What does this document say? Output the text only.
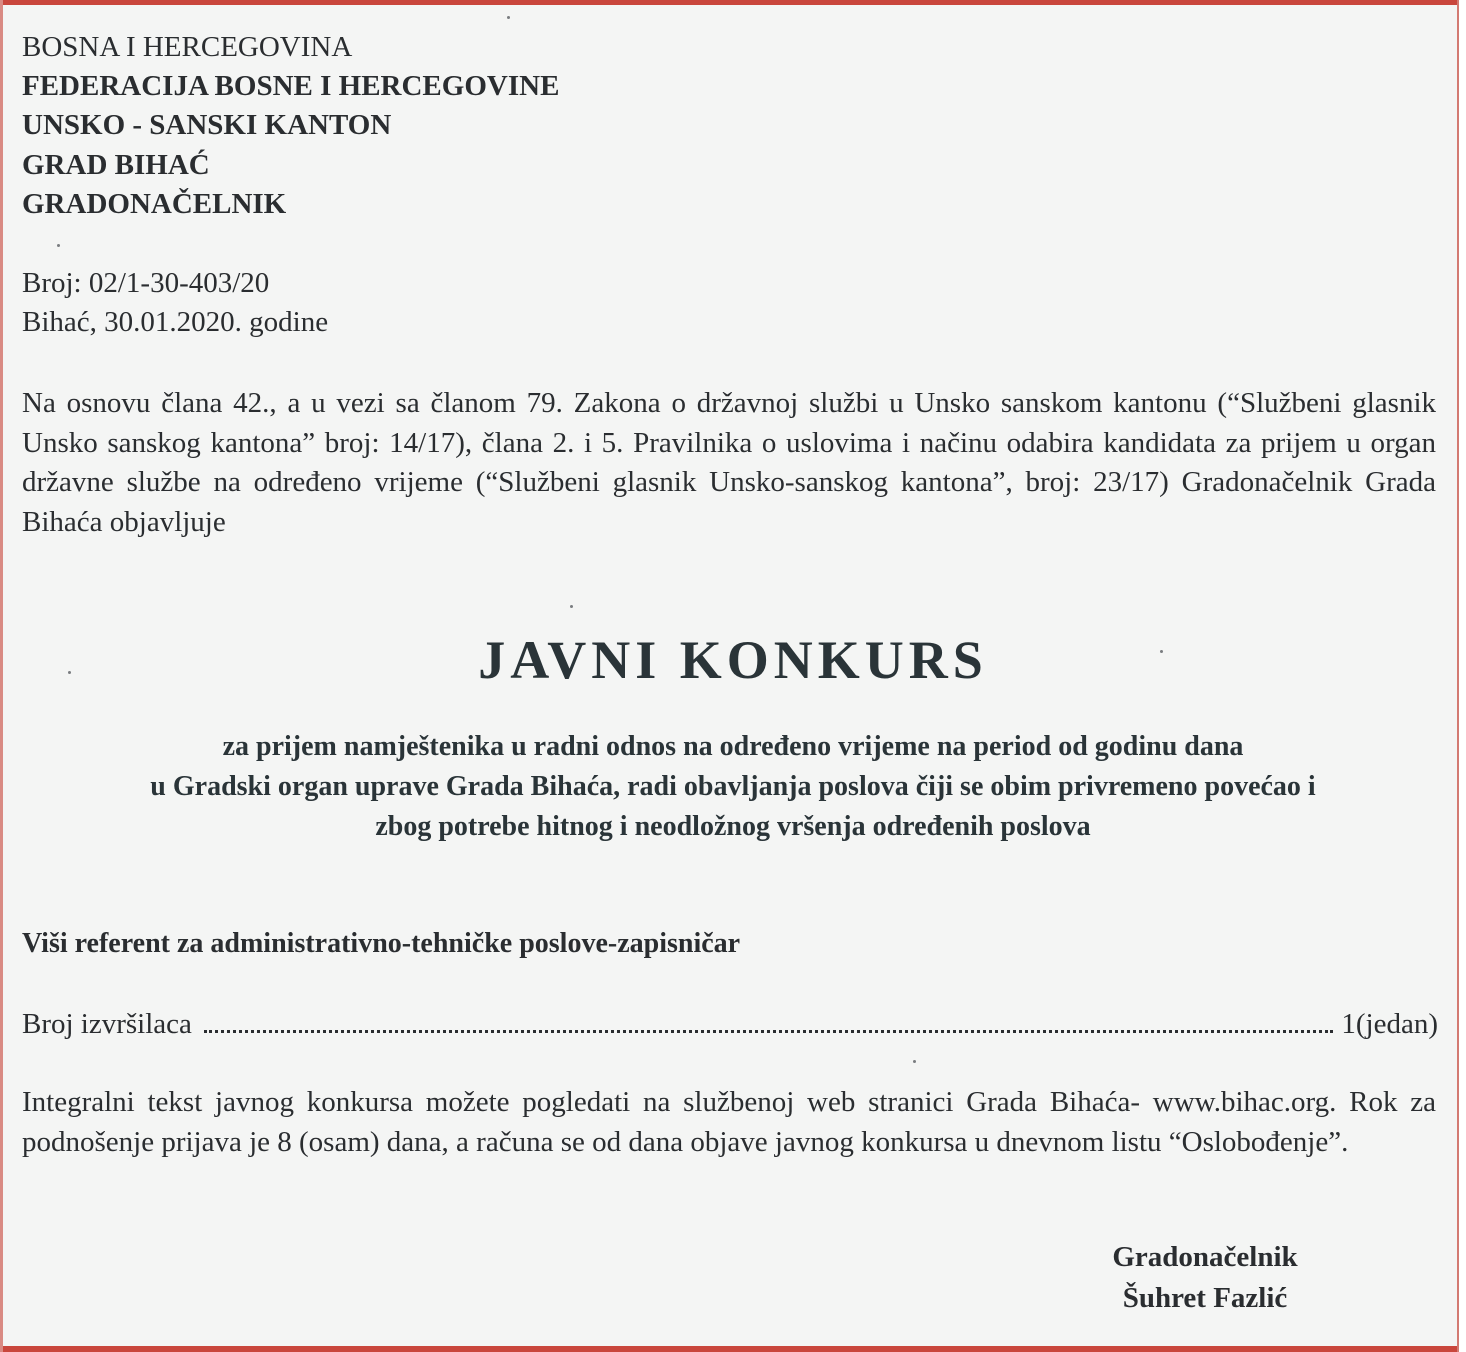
BOSNA I HERCEGOVINA
FEDERACIJA BOSNE I HERCEGOVINE
UNSKO - SANSKI KANTON
GRAD BIHAĆ
GRADONAČELNIK
Broj: 02/1-30-403/20
Bihać, 30.01.2020. godine
Na osnovu člana 42., a u vezi sa članom 79. Zakona o državnoj službi u Unsko sanskom kantonu (“Službeni glasnik Unsko sanskog kantona” broj: 14/17), člana 2. i 5. Pravilnika o uslovima i načinu odabira kandidata za prijem u organ državne službe na određeno vrijeme (“Službeni glasnik Unsko-sanskog kantona”, broj: 23/17) Gradonačelnik Grada Bihaća objavljuje
JAVNI KONKURS
za prijem namještenika u radni odnos na određeno vrijeme na period od godinu dana
u Gradski organ uprave Grada Bihaća, radi obavljanja poslova čiji se obim privremeno povećao i
zbog potrebe hitnog i neodložnog vršenja određenih poslova
Viši referent za administrativno-tehničke poslove-zapisničar
Broj izvršilaca	1(jedan)
Integralni tekst javnog konkursa možete pogledati na službenoj web stranici Grada Bihaća- www.bihac.org. Rok za podnošenje prijava je 8 (osam) dana, a računa se od dana objave javnog konkursa u dnevnom listu “Oslobođenje”.
Gradonačelnik
Šuhret Fazlić
